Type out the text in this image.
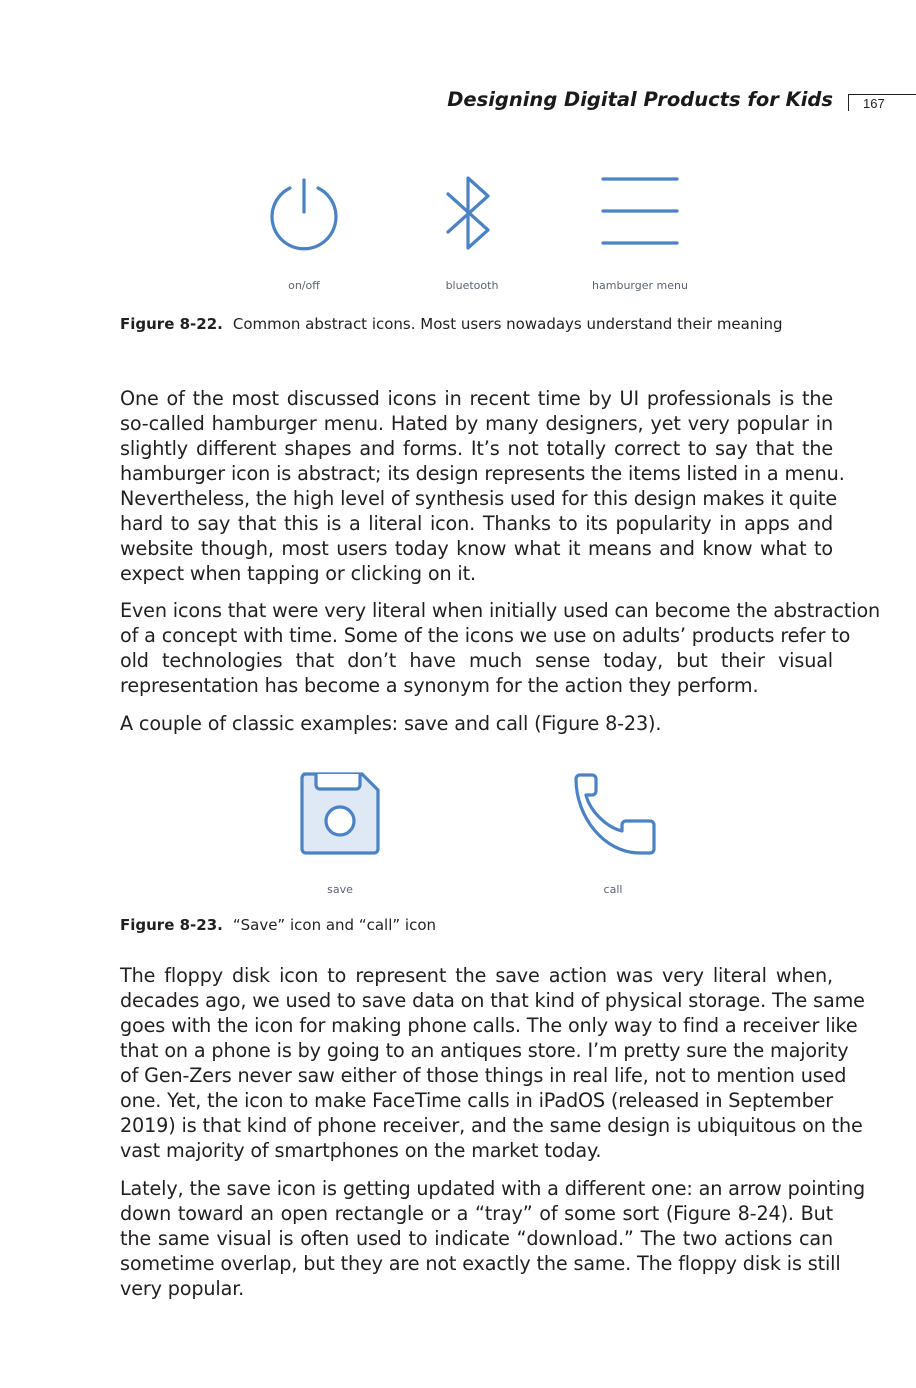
Designing Digital Products for Kids	167
on/off	bluetooth	hamburger menu
Figure 8-22. Common abstract icons. Most users nowadays understand their meaning

One of the most discussed icons in recent time by UI professionals is the
so-called hamburger menu. Hated by many designers, yet very popular in
slightly different shapes and forms. It’s not totally correct to say that the
hamburger icon is abstract; its design represents the items listed in a menu.
Nevertheless, the high level of synthesis used for this design makes it quite
hard to say that this is a literal icon. Thanks to its popularity in apps and
website though, most users today know what it means and know what to
expect when tapping or clicking on it.

Even icons that were very literal when initially used can become the abstraction
of a concept with time. Some of the icons we use on adults’ products refer to
old technologies that don’t have much sense today, but their visual
representation has become a synonym for the action they perform.

A couple of classic examples: save and call (Figure 8-23).

save	call
Figure 8-23. “Save” icon and “call” icon

The floppy disk icon to represent the save action was very literal when,
decades ago, we used to save data on that kind of physical storage. The same
goes with the icon for making phone calls. The only way to find a receiver like
that on a phone is by going to an antiques store. I’m pretty sure the majority
of Gen-Zers never saw either of those things in real life, not to mention used
one. Yet, the icon to make FaceTime calls in iPadOS (released in September
2019) is that kind of phone receiver, and the same design is ubiquitous on the
vast majority of smartphones on the market today.

Lately, the save icon is getting updated with a different one: an arrow pointing
down toward an open rectangle or a “tray” of some sort (Figure 8-24). But
the same visual is often used to indicate “download.” The two actions can
sometime overlap, but they are not exactly the same. The floppy disk is still
very popular.
